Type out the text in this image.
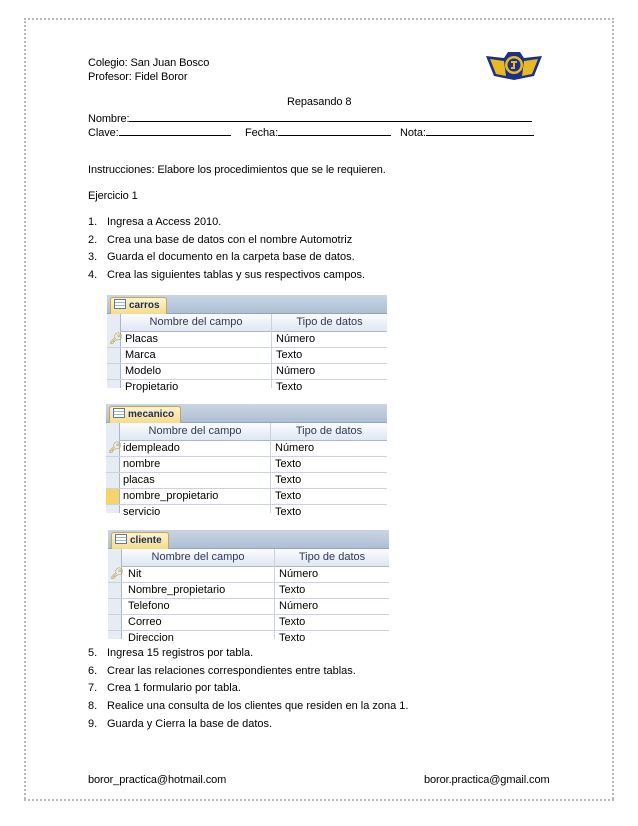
Colegio: San Juan Bosco
Profesor: Fidel Boror
Repasando 8
Nombre:
Clave:	Fecha:	Nota:
Instrucciones: Elabore los procedimientos que se le requieren.
Ejercicio 1
1. Ingresa a Access 2010.
2. Crea una base de datos con el nombre Automotriz
3. Guarda el documento en la carpeta base de datos.
4. Crea las siguientes tablas y sus respectivos campos.
carros
Nombre del campo	Tipo de datos
🔑︎ Placas	Número
Marca	Texto
Modelo	Número
Propietario	Texto
mecanico
Nombre del campo	Tipo de datos
🔑︎ idempleado	Número
nombre	Texto
placas	Texto
nombre_propietario	Texto
servicio	Texto
cliente
Nombre del campo	Tipo de datos
🔑︎ Nit	Número
Nombre_propietario	Texto
Telefono	Número
Correo	Texto
Direccion	Texto
5. Ingresa 15 registros por tabla.
6. Crear las relaciones correspondientes entre tablas.
7. Crea 1 formulario por tabla.
8. Realice una consulta de los clientes que residen en la zona 1.
9. Guarda y Cierra la base de datos.
boror_practica@hotmail.com	boror.practica@gmail.com
